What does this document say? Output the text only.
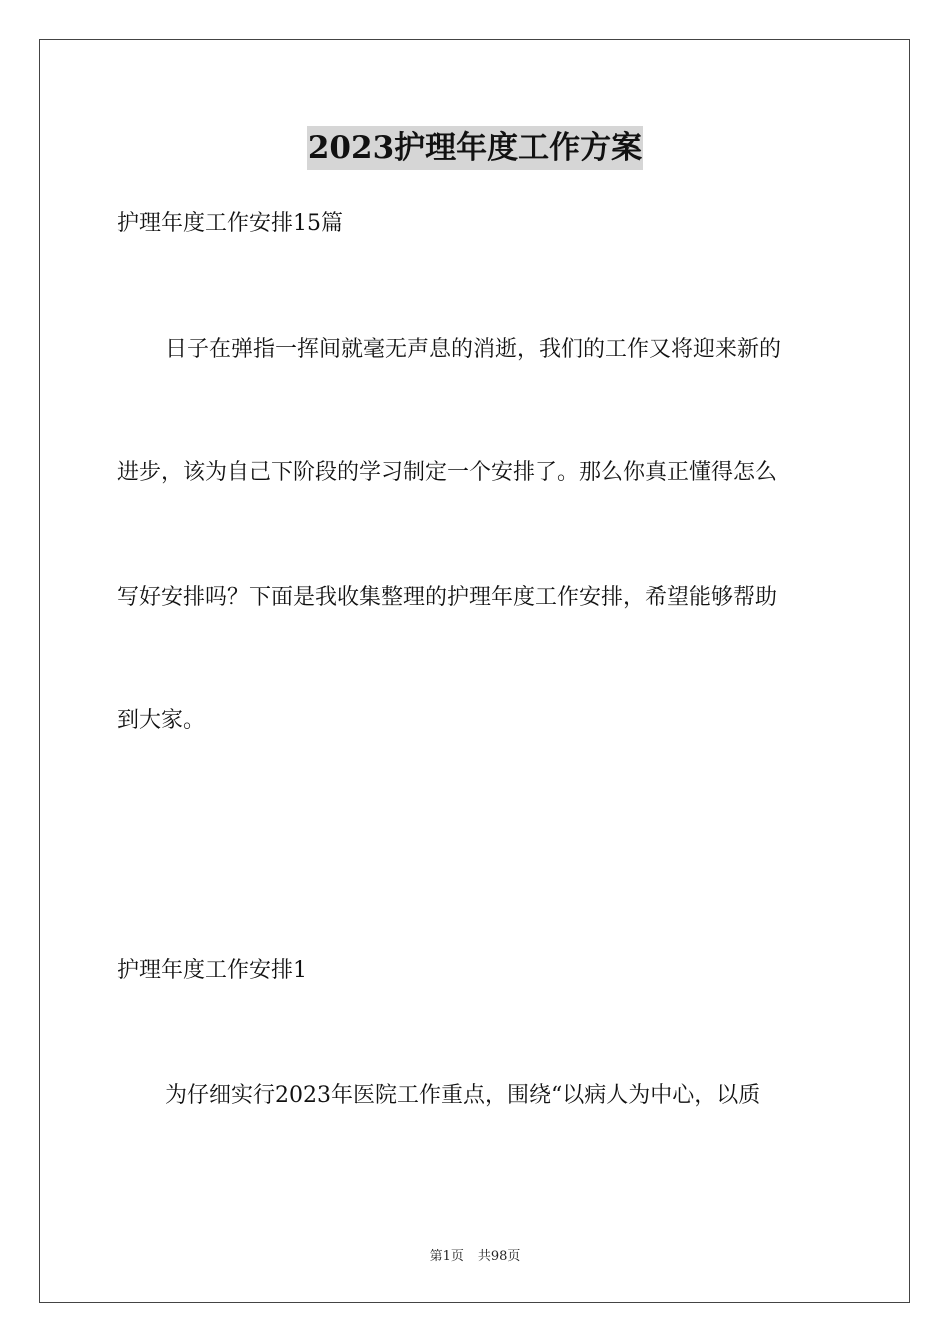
2023护理年度工作方案

护理年度工作安排15篇

日子在弹指一挥间就毫无声息的消逝，我们的工作又将迎来新的

进步，该为自己下阶段的学习制定一个安排了。那么你真正懂得怎么

写好安排吗？下面是我收集整理的护理年度工作安排，希望能够帮助

到大家。

护理年度工作安排1

为仔细实行2023年医院工作重点，围绕“以病人为中心，以质

第1页 共98页
